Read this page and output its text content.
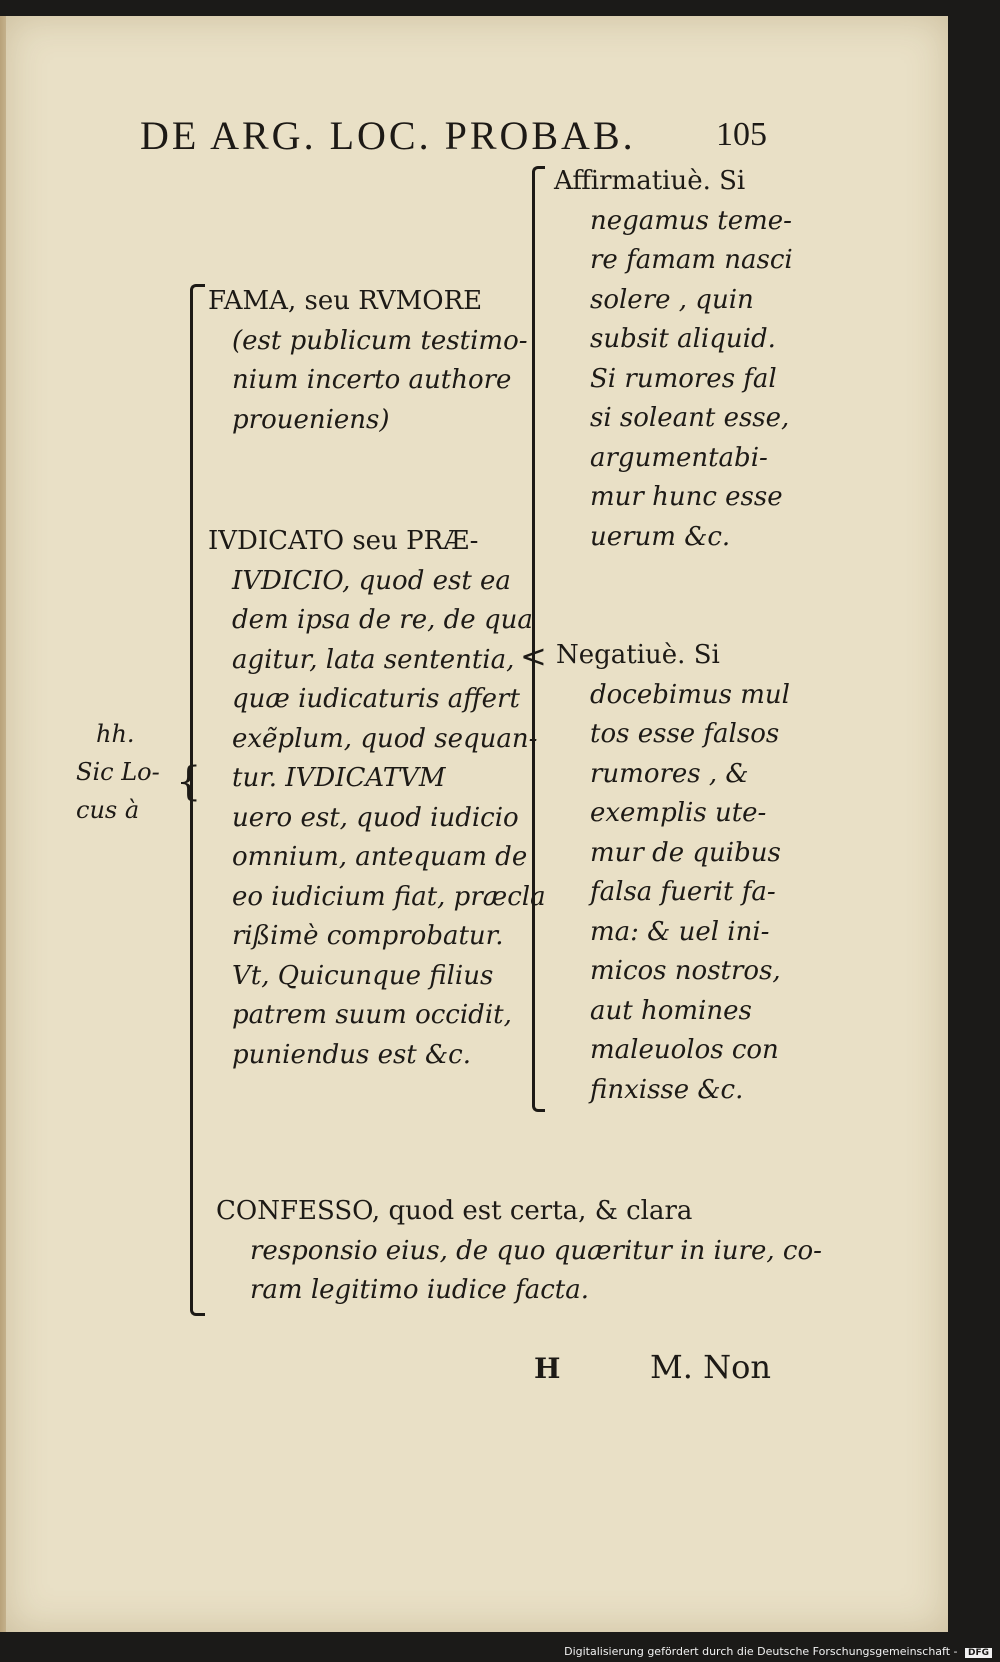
DE ARG. LOC. PROBAB. 105
hh.
Sic Lo-
cus à
{
FAMA, seu RVMORE
(est publicum testimo-
nium incerto authore
proueniens)
IVDICATO seu PRÆ-
IVDICIO, quod est ea
dem ipsa de re, de qua
agitur, lata sententia,
quæ iudicaturis affert
exẽplum, quod sequan-
tur. IVDICATVM
uero est, quod iudicio
omnium, antequam de
eo iudicium fiat, præcla
rißimè comprobatur.
Vt, Quicunque filius
patrem suum occidit,
puniendus est &c.
<
Affirmatiuè. Si
negamus teme-
re famam nasci
solere , quin
subsit aliquid.
Si rumores fal
si soleant esse,
argumentabi-
mur hunc esse
uerum &c.
Negatiuè. Si
docebimus mul
tos esse falsos
rumores , &
exemplis ute-
mur de quibus
falsa fuerit fa-
ma: & uel ini-
micos nostros,
aut homines
maleuolos con
finxisse &c.
CONFESSO, quod est certa, & clara
responsio eius, de quo quæritur in iure, co-
ram legitimo iudice facta.
H	M. Non
Digitalisierung gefördert durch die Deutsche Forschungsgemeinschaft - DFG
